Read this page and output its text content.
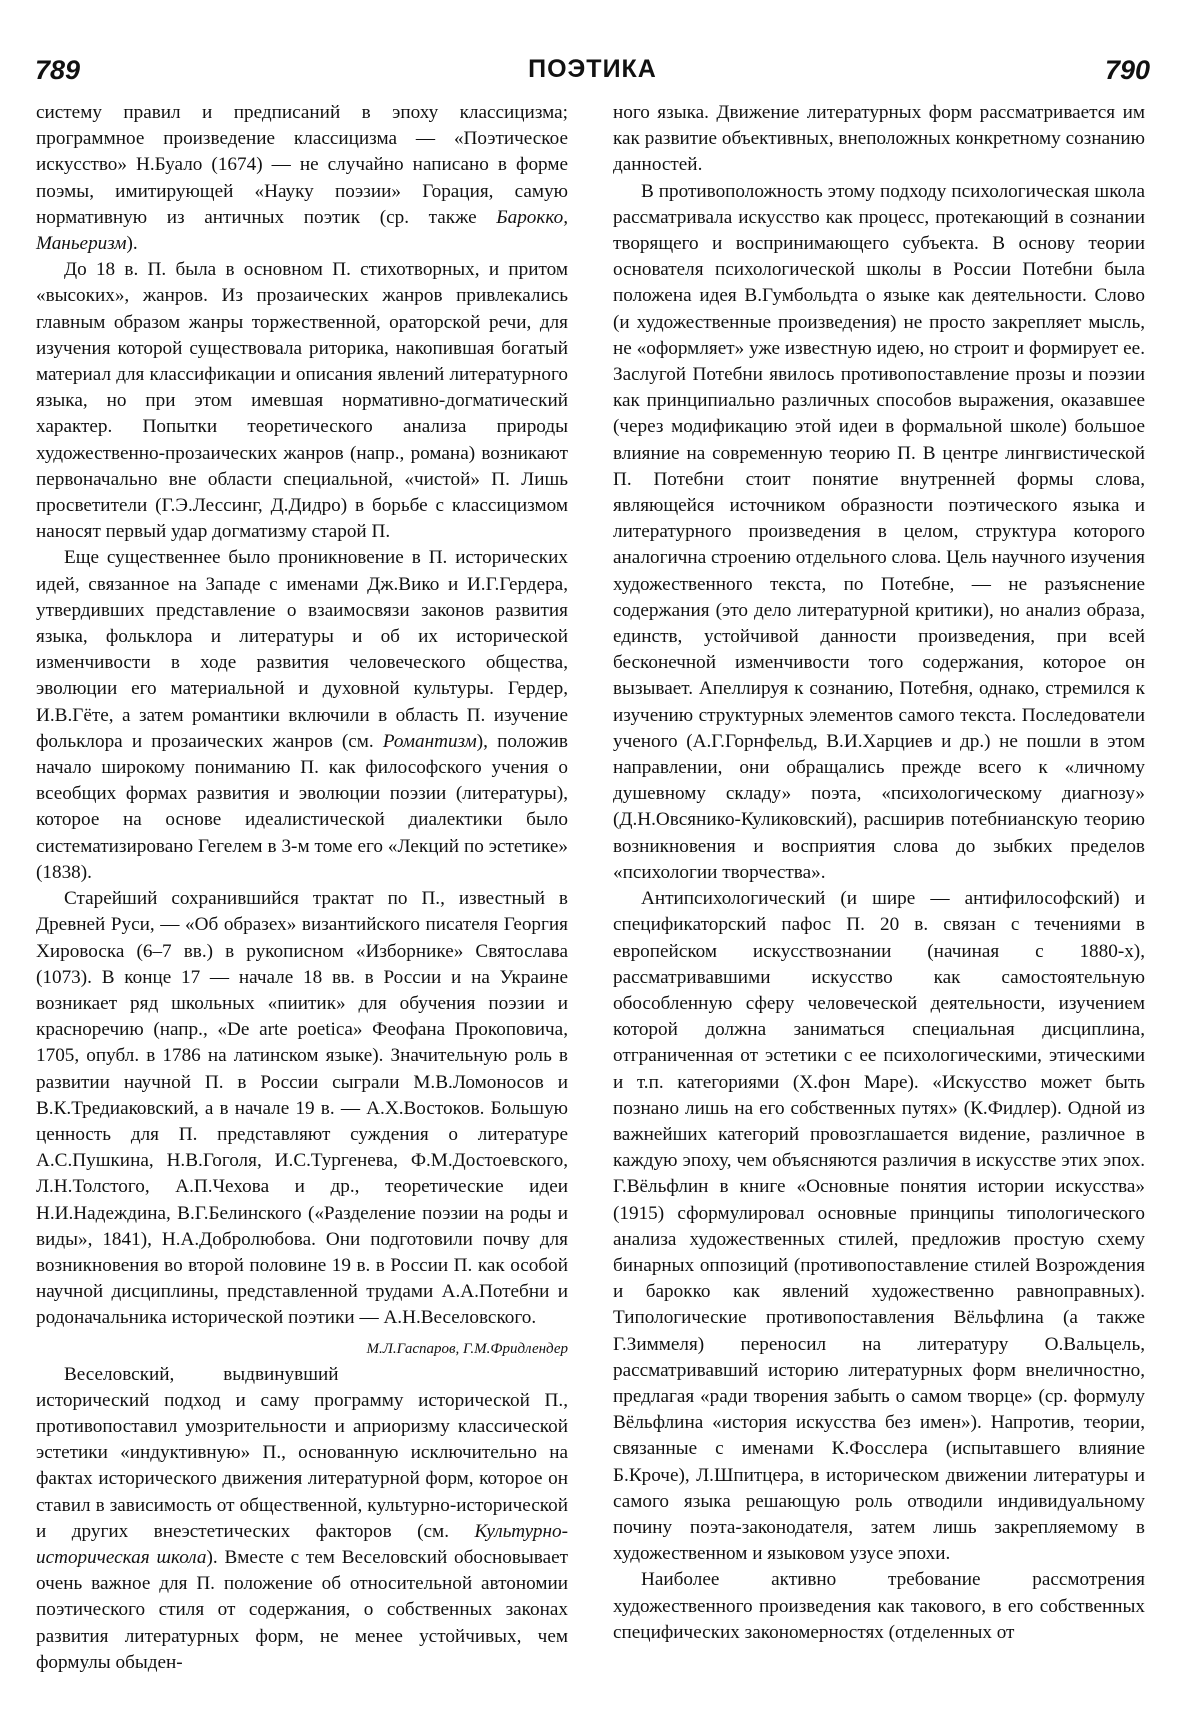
789	ПОЭТИКА	790

систему правил и предписаний в эпоху классицизма; программное произведение классицизма — «Поэтическое искусство» Н.Буало (1674) — не случайно написано в форме поэмы, имитирующей «Науку поэзии» Горация, самую нормативную из античных поэтик (ср. также Барокко, Маньеризм).

До 18 в. П. была в основном П. стихотворных, и притом «высоких», жанров. Из прозаических жанров привлекались главным образом жанры торжественной, ораторской речи, для изучения которой существовала риторика, накопившая богатый материал для классификации и описания явлений литературного языка, но при этом имевшая нормативно-догматический характер. Попытки теоретического анализа природы художественно-прозаических жанров (напр., романа) возникают первоначально вне области специальной, «чистой» П. Лишь просветители (Г.Э.Лессинг, Д.Дидро) в борьбе с классицизмом наносят первый удар догматизму старой П.

Еще существеннее было проникновение в П. исторических идей, связанное на Западе с именами Дж.Вико и И.Г.Гердера, утвердивших представление о взаимосвязи законов развития языка, фольклора и литературы и об их исторической изменчивости в ходе развития человеческого общества, эволюции его материальной и духовной культуры. Гердер, И.В.Гёте, а затем романтики включили в область П. изучение фольклора и прозаических жанров (см. Романтизм), положив начало широкому пониманию П. как философского учения о всеобщих формах развития и эволюции поэзии (литературы), которое на основе идеалистической диалектики было систематизировано Гегелем в 3-м томе его «Лекций по эстетике» (1838).

Старейший сохранившийся трактат по П., известный в Древней Руси, — «Об образех» византийского писателя Георгия Хировоска (6–7 вв.) в рукописном «Изборнике» Святослава (1073). В конце 17 — начале 18 вв. в России и на Украине возникает ряд школьных «пиитик» для обучения поэзии и красноречию (напр., «De arte poetica» Феофана Прокоповича, 1705, опубл. в 1786 на латинском языке). Значительную роль в развитии научной П. в России сыграли М.В.Ломоносов и В.К.Тредиаковский, а в начале 19 в. — А.Х.Востоков. Большую ценность для П. представляют суждения о литературе А.С.Пушкина, Н.В.Гоголя, И.С.Тургенева, Ф.М.Достоевского, Л.Н.Толстого, А.П.Чехова и др., теоретические идеи Н.И.Надеждина, В.Г.Белинского («Разделение поэзии на роды и виды», 1841), Н.А.Добролюбова. Они подготовили почву для возникновения во второй половине 19 в. в России П. как особой научной дисциплины, представленной трудами А.А.Потебни и родоначальника исторической поэтики — А.Н.Веселовского.
М.Л.Гаспаров, Г.М.Фридлендер

Веселовский, выдвинувший исторический подход и саму программу исторической П., противопоставил умозрительности и априоризму классической эстетики «индуктивную» П., основанную исключительно на фактах исторического движения литературной форм, которое он ставил в зависимость от общественной, культурно-исторической и других внеэстетических факторов (см. Культурно-историческая школа). Вместе с тем Веселовский обосновывает очень важное для П. положение об относительной автономии поэтического стиля от содержания, о собственных законах развития литературных форм, не менее устойчивых, чем формулы обыден-

ного языка. Движение литературных форм рассматривается им как развитие объективных, внеположных конкретному сознанию данностей.

В противоположность этому подходу психологическая школа рассматривала искусство как процесс, протекающий в сознании творящего и воспринимающего субъекта. В основу теории основателя психологической школы в России Потебни была положена идея В.Гумбольдта о языке как деятельности. Слово (и художественные произведения) не просто закрепляет мысль, не «оформляет» уже известную идею, но строит и формирует ее. Заслугой Потебни явилось противопоставление прозы и поэзии как принципиально различных способов выражения, оказавшее (через модификацию этой идеи в формальной школе) большое влияние на современную теорию П. В центре лингвистической П. Потебни стоит понятие внутренней формы слова, являющейся источником образности поэтического языка и литературного произведения в целом, структура которого аналогична строению отдельного слова. Цель научного изучения художественного текста, по Потебне, — не разъяснение содержания (это дело литературной критики), но анализ образа, единств, устойчивой данности произведения, при всей бесконечной изменчивости того содержания, которое он вызывает. Апеллируя к сознанию, Потебня, однако, стремился к изучению структурных элементов самого текста. Последователи ученого (А.Г.Горнфельд, В.И.Харциев и др.) не пошли в этом направлении, они обращались прежде всего к «личному душевному складу» поэта, «психологическому диагнозу» (Д.Н.Овсянико-Куликовский), расширив потебнианскую теорию возникновения и восприятия слова до зыбких пределов «психологии творчества».

Антипсихологический (и шире — антифилософский) и спецификаторский пафос П. 20 в. связан с течениями в европейском искусствознании (начиная с 1880-х), рассматривавшими искусство как самостоятельную обособленную сферу человеческой деятельности, изучением которой должна заниматься специальная дисциплина, отграниченная от эстетики с ее психологическими, этическими и т.п. категориями (Х.фон Маре). «Искусство может быть познано лишь на его собственных путях» (К.Фидлер). Одной из важнейших категорий провозглашается видение, различное в каждую эпоху, чем объясняются различия в искусстве этих эпох. Г.Вёльфлин в книге «Основные понятия истории искусства» (1915) сформулировал основные принципы типологического анализа художественных стилей, предложив простую схему бинарных оппозиций (противопоставление стилей Возрождения и барокко как явлений художественно равноправных). Типологические противопоставления Вёльфлина (а также Г.Зиммеля) переносил на литературу О.Вальцель, рассматривавший историю литературных форм внеличностно, предлагая «ради творения забыть о самом творце» (ср. формулу Вёльфлина «история искусства без имен»). Напротив, теории, связанные с именами К.Фосслера (испытавшего влияние Б.Кроче), Л.Шпитцера, в историческом движении литературы и самого языка решающую роль отводили индивидуальному почину поэта-законодателя, затем лишь закрепляемому в художественном и языковом узусе эпохи.

Наиболее активно требование рассмотрения художественного произведения как такового, в его собственных специфических закономерностях (отделенных от
